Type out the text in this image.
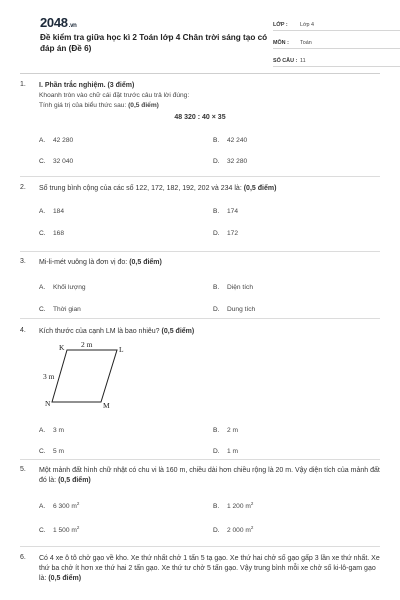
2048.vn
Đề kiểm tra giữa học kì 2 Toán lớp 4 Chân trời sáng tạo có đáp án (Đề 6)
LỚP :	Lớp 4
MÔN :	Toán
SỐ CÂU : 11
1. I. Phần trắc nghiệm. (3 điểm)
Khoanh tròn vào chữ cái đặt trước câu trả lời đúng:
Tính giá trị của biểu thức sau: (0,5 điểm)
48 320 : 40 × 35
A. 42 280	B. 42 240
C. 32 040	D. 32 280
2. Số trung bình cộng của các số 122, 172, 182, 192, 202 và 234 là: (0,5 điểm)
A. 184	B. 174
C. 168	D. 172
3. Mi-li-mét vuông là đơn vị đo: (0,5 điểm)
A. Khối lượng	B. Diện tích
C. Thời gian	D. Dung tích
4. Kích thước của cạnh LM là bao nhiêu? (0,5 điểm)
K	L
M
N
2 m
3 m
A. 3 m	B. 2 m
C. 5 m	D. 1 m
5. Một mảnh đất hình chữ nhật có chu vi là 160 m, chiều dài hơn chiều rộng là 20 m. Vậy diện tích của mảnh đất đó là: (0,5 điểm)
A. 6 300 $m^2$	B. 1 200 $m^2$
C. 1 500 $m^2$	D. 2 000 $m^2$
6. Có 4 xe ô tô chở gạo về kho. Xe thứ nhất chở 1 tấn 5 tạ gạo. Xe thứ hai chở số gạo gấp 3 lần xe thứ nhất. Xe thứ ba chở ít hơn xe thứ hai 2 tấn gạo. Xe thứ tư chở 5 tấn gạo. Vậy trung bình mỗi xe chở số ki-lô-gam gạo là: (0,5 điểm)
